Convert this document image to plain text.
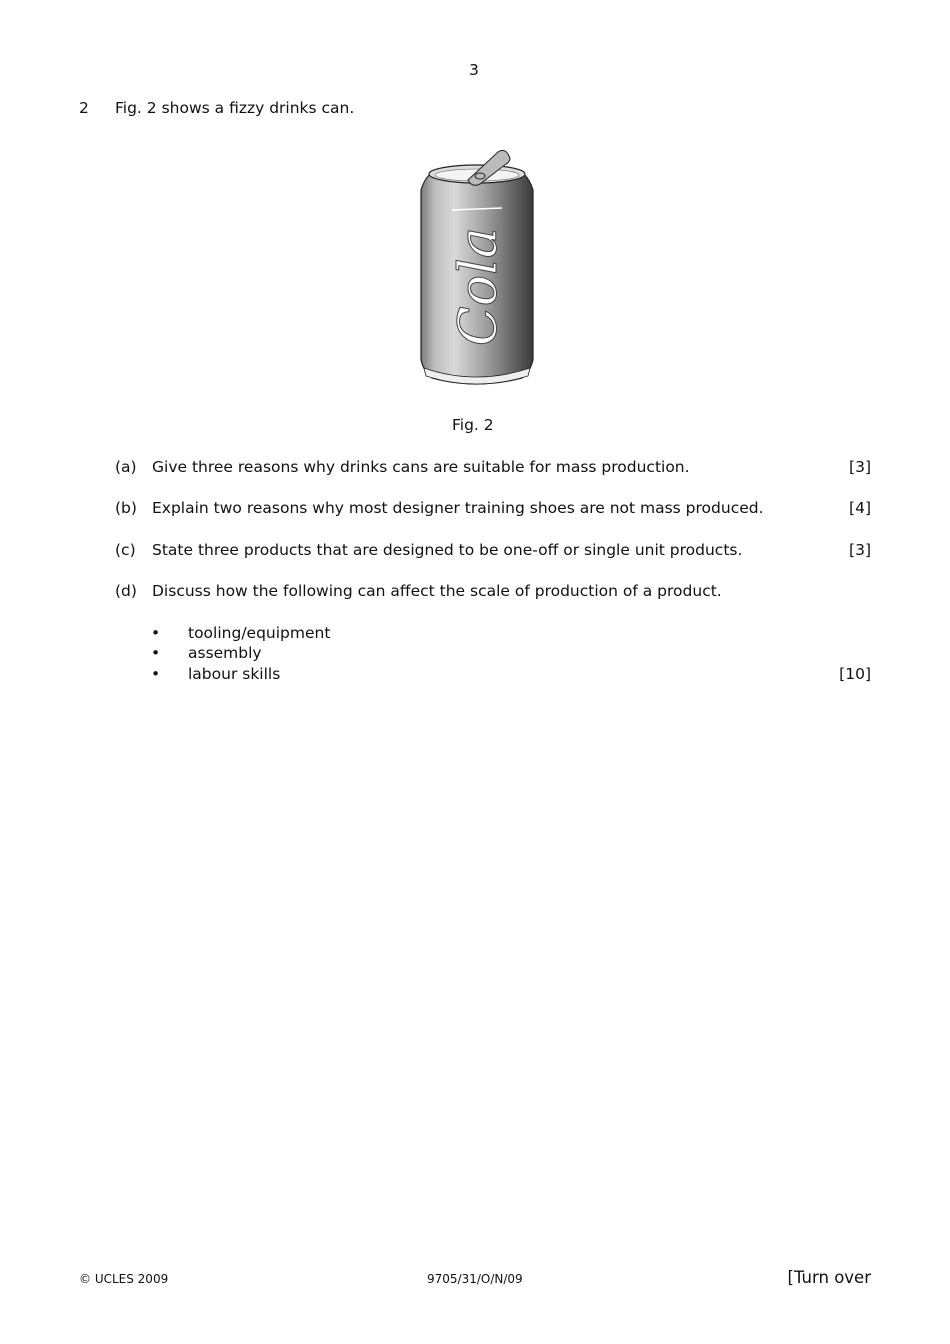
3
2 Fig. 2 shows a fizzy drinks can.
Cola
Fig. 2
(a) Give three reasons why drinks cans are suitable for mass production.	[3]
(b) Explain two reasons why most designer training shoes are not mass produced.	[4]
(c) State three products that are designed to be one-off or single unit products.	[3]
(d) Discuss how the following can affect the scale of production of a product.
• tooling/equipment
• assembly
• labour skills	[10]
© UCLES 2009	9705/31/O/N/09	[Turn over
